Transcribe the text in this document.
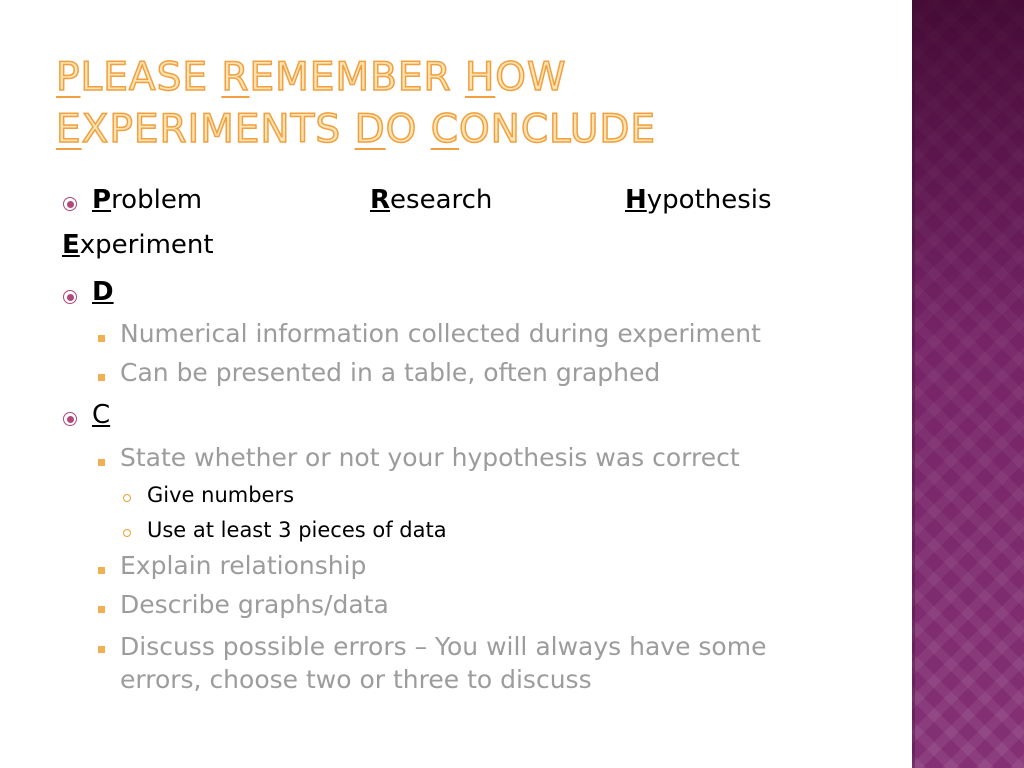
PLEASE REMEMBER HOW
EXPERIMENTS DO CONCLUDE
Problem	Research	Hypothesis
Experiment
D
Numerical information collected during experiment
Can be presented in a table, often graphed
C
State whether or not your hypothesis was correct
Give numbers
Use at least 3 pieces of data
Explain relationship
Describe graphs/data
Discuss possible errors – You will always have some errors, choose two or three to discuss
